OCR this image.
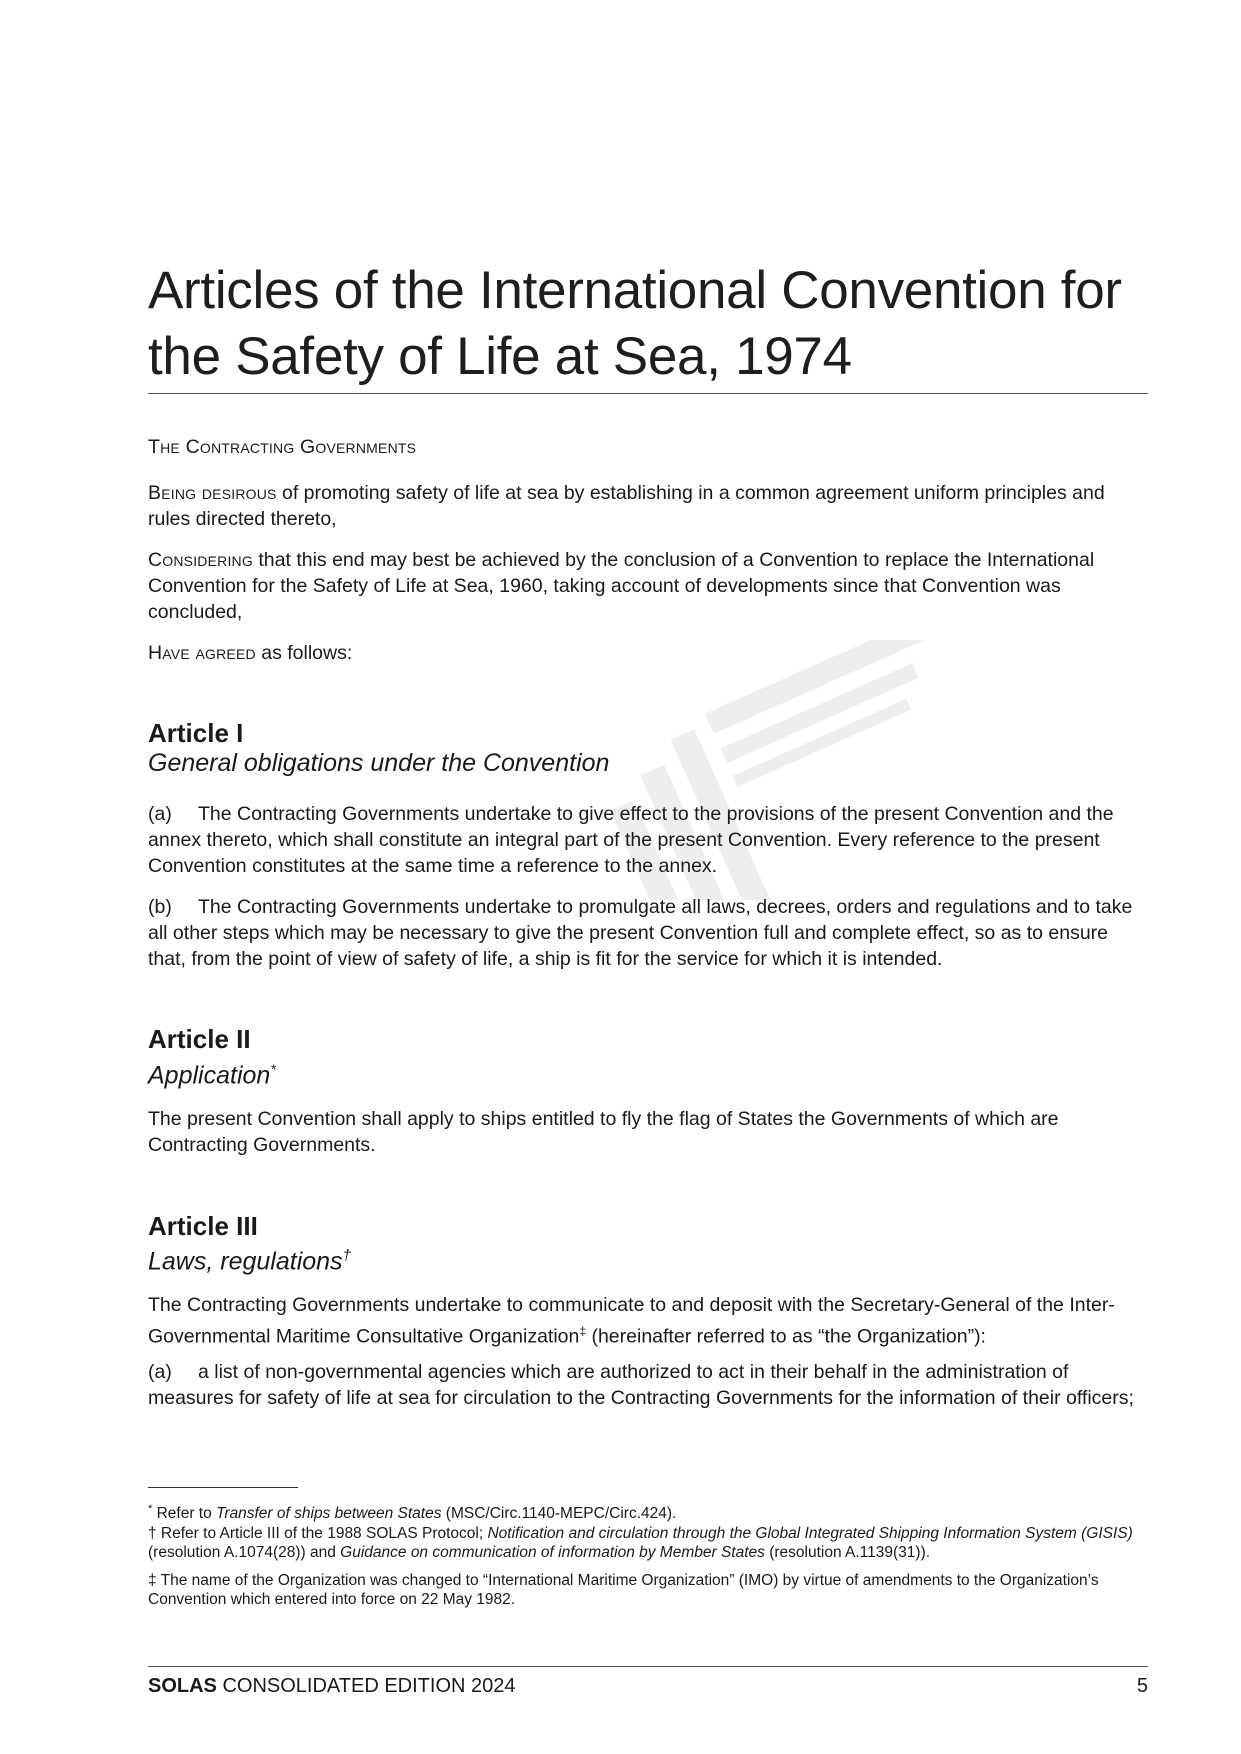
Articles of the International Convention for
the Safety of Life at Sea, 1974
The Contracting Governments
Being desirous of promoting safety of life at sea by establishing in a common agreement uniform principles and rules directed thereto,
Considering that this end may best be achieved by the conclusion of a Convention to replace the International Convention for the Safety of Life at Sea, 1960, taking account of developments since that Convention was concluded,
Have agreed as follows:
Article I
General obligations under the Convention
(a) The Contracting Governments undertake to give effect to the provisions of the present Convention and the annex thereto, which shall constitute an integral part of the present Convention. Every reference to the present Convention constitutes at the same time a reference to the annex.
(b) The Contracting Governments undertake to promulgate all laws, decrees, orders and regulations and to take all other steps which may be necessary to give the present Convention full and complete effect, so as to ensure that, from the point of view of safety of life, a ship is fit for the service for which it is intended.
Article II
Application*
The present Convention shall apply to ships entitled to fly the flag of States the Governments of which are Contracting Governments.
Article III
Laws, regulations†
The Contracting Governments undertake to communicate to and deposit with the Secretary-General of the Inter-Governmental Maritime Consultative Organization‡ (hereinafter referred to as “the Organization”):
(a) a list of non-governmental agencies which are authorized to act in their behalf in the administration of measures for safety of life at sea for circulation to the Contracting Governments for the information of their officers;
* Refer to Transfer of ships between States (MSC/Circ.1140-MEPC/Circ.424).
† Refer to Article III of the 1988 SOLAS Protocol; Notification and circulation through the Global Integrated Shipping Information System (GISIS) (resolution A.1074(28)) and Guidance on communication of information by Member States (resolution A.1139(31)).
‡ The name of the Organization was changed to “International Maritime Organization” (IMO) by virtue of amendments to the Organization’s Convention which entered into force on 22 May 1982.
SOLAS CONSOLIDATED EDITION 2024	5
